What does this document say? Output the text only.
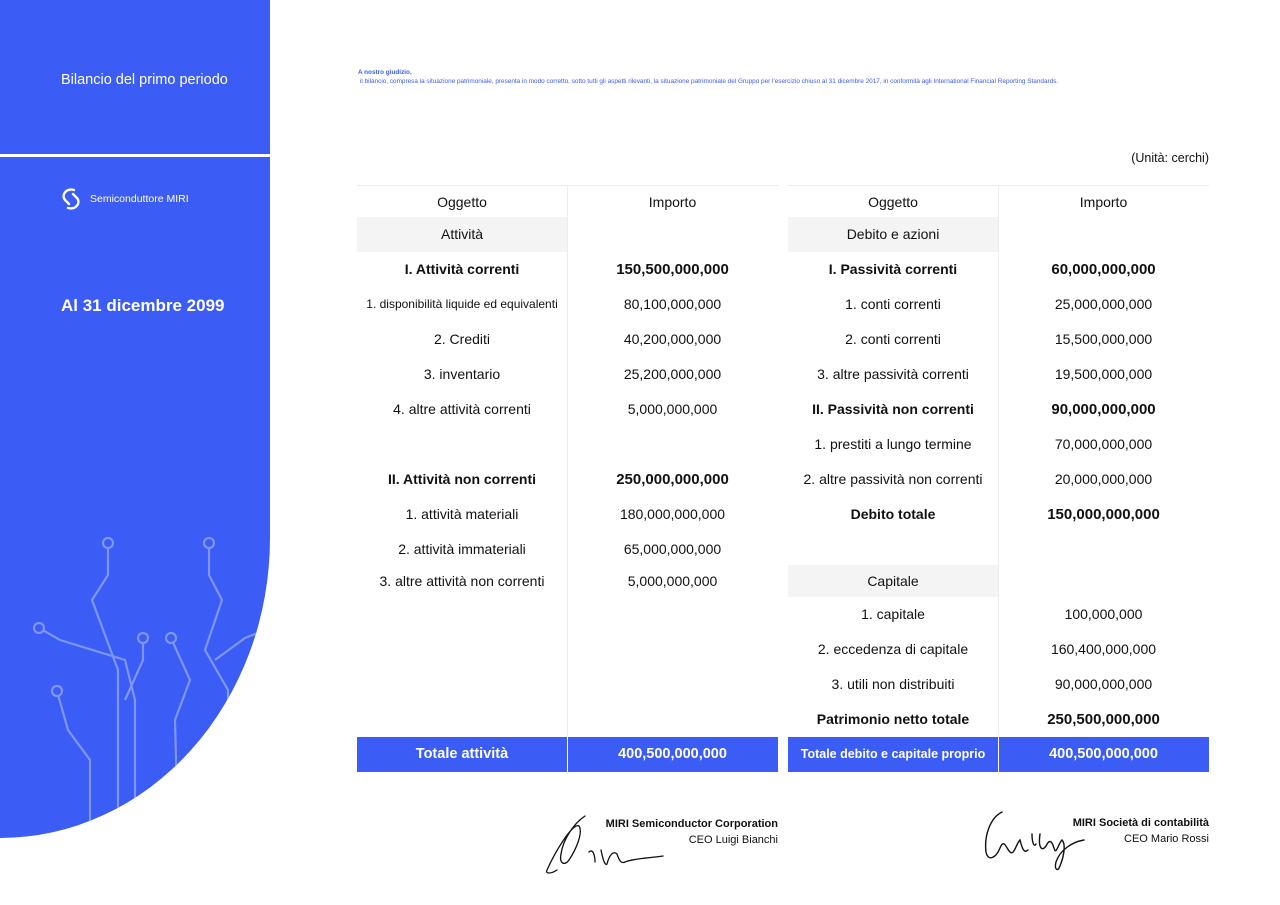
Bilancio del primo periodo
Semiconduttore MIRI
Al 31 dicembre 2099
A nostro giudizio,
il bilancio, compresa la situazione patrimoniale, presenta in modo corretto, sotto tutti gli aspetti rilevanti, la situazione patrimoniale del Gruppo per l'esercizio chiuso al 31 dicembre 2017, in conformità agli International Financial Reporting Standards.
(Unità: cerchi)
Oggetto	Importo
Attività
I. Attività correnti	150,500,000,000
1. disponibilità liquide ed equivalenti	80,100,000,000
2. Crediti	40,200,000,000
3. inventario	25,200,000,000
4. altre attività correnti	5,000,000,000
II. Attività non correnti	250,000,000,000
1. attività materiali	180,000,000,000
2. attività immateriali	65,000,000,000
3. altre attività non correnti	5,000,000,000
Totale attività	400,500,000,000
Oggetto	Importo
Debito e azioni
I. Passività correnti	60,000,000,000
1. conti correnti	25,000,000,000
2. conti correnti	15,500,000,000
3. altre passività correnti	19,500,000,000
II. Passività non correnti	90,000,000,000
1. prestiti a lungo termine	70,000,000,000
2. altre passività non correnti	20,000,000,000
Debito totale	150,000,000,000
Capitale
1. capitale	100,000,000
2. eccedenza di capitale	160,400,000,000
3. utili non distribuiti	90,000,000,000
Patrimonio netto totale	250,500,000,000
Totale debito e capitale proprio	400,500,000,000
MIRI Semiconductor Corporation
CEO Luigi Bianchi
MIRI Società di contabilità
CEO Mario Rossi
